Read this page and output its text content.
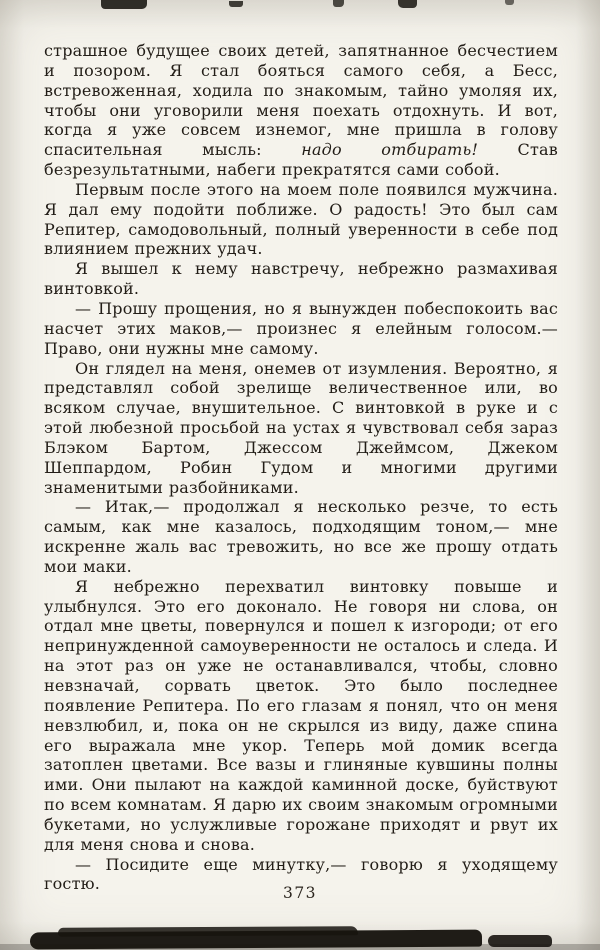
страшное будущее своих детей, запятнанное бесчестием и позором. Я стал бояться самого себя, а Бесс, встревоженная, ходила по знакомым, тайно умоляя их, чтобы они уговорили меня поехать отдохнуть. И вот, когда я уже совсем изнемог, мне пришла в голову спасительная мысль: надо отбирать! Став безрезультатными, набеги прекратятся сами собой.

Первым после этого на моем поле появился мужчина. Я дал ему подойти поближе. О радость! Это был сам Репитер, самодовольный, полный уверенности в себе под влиянием прежних удач.

Я вышел к нему навстречу, небрежно размахивая винтовкой.

— Прошу прощения, но я вынужден побеспокоить вас насчет этих маков,— произнес я елейным голосом.— Право, они нужны мне самому.

Он глядел на меня, онемев от изумления. Вероятно, я представлял собой зрелище величественное или, во всяком случае, внушительное. С винтовкой в руке и с этой любезной просьбой на устах я чувствовал себя зараз Блэком Бартом, Джессом Джеймсом, Джеком Шеппардом, Робин Гудом и многими другими знаменитыми разбойниками.

— Итак,— продолжал я несколько резче, то есть самым, как мне казалось, подходящим тоном,— мне искренне жаль вас тревожить, но все же прошу отдать мои маки.

Я небрежно перехватил винтовку повыше и улыбнулся. Это его доконало. Не говоря ни слова, он отдал мне цветы, повернулся и пошел к изгороди; от его непринужденной самоуверенности не осталось и следа. И на этот раз он уже не останавливался, чтобы, словно невзначай, сорвать цветок. Это было последнее появление Репитера. По его глазам я понял, что он меня невзлюбил, и, пока он не скрылся из виду, даже спина его выражала мне укор. Теперь мой домик всегда затоплен цветами. Все вазы и глиняные кувшины полны ими. Они пылают на каждой каминной доске, буйствуют по всем комнатам. Я дарю их своим знакомым огромными букетами, но услужливые горожане приходят и рвут их для меня снова и снова.

— Посидите еще минутку,— говорю я уходящему гостю.	373
